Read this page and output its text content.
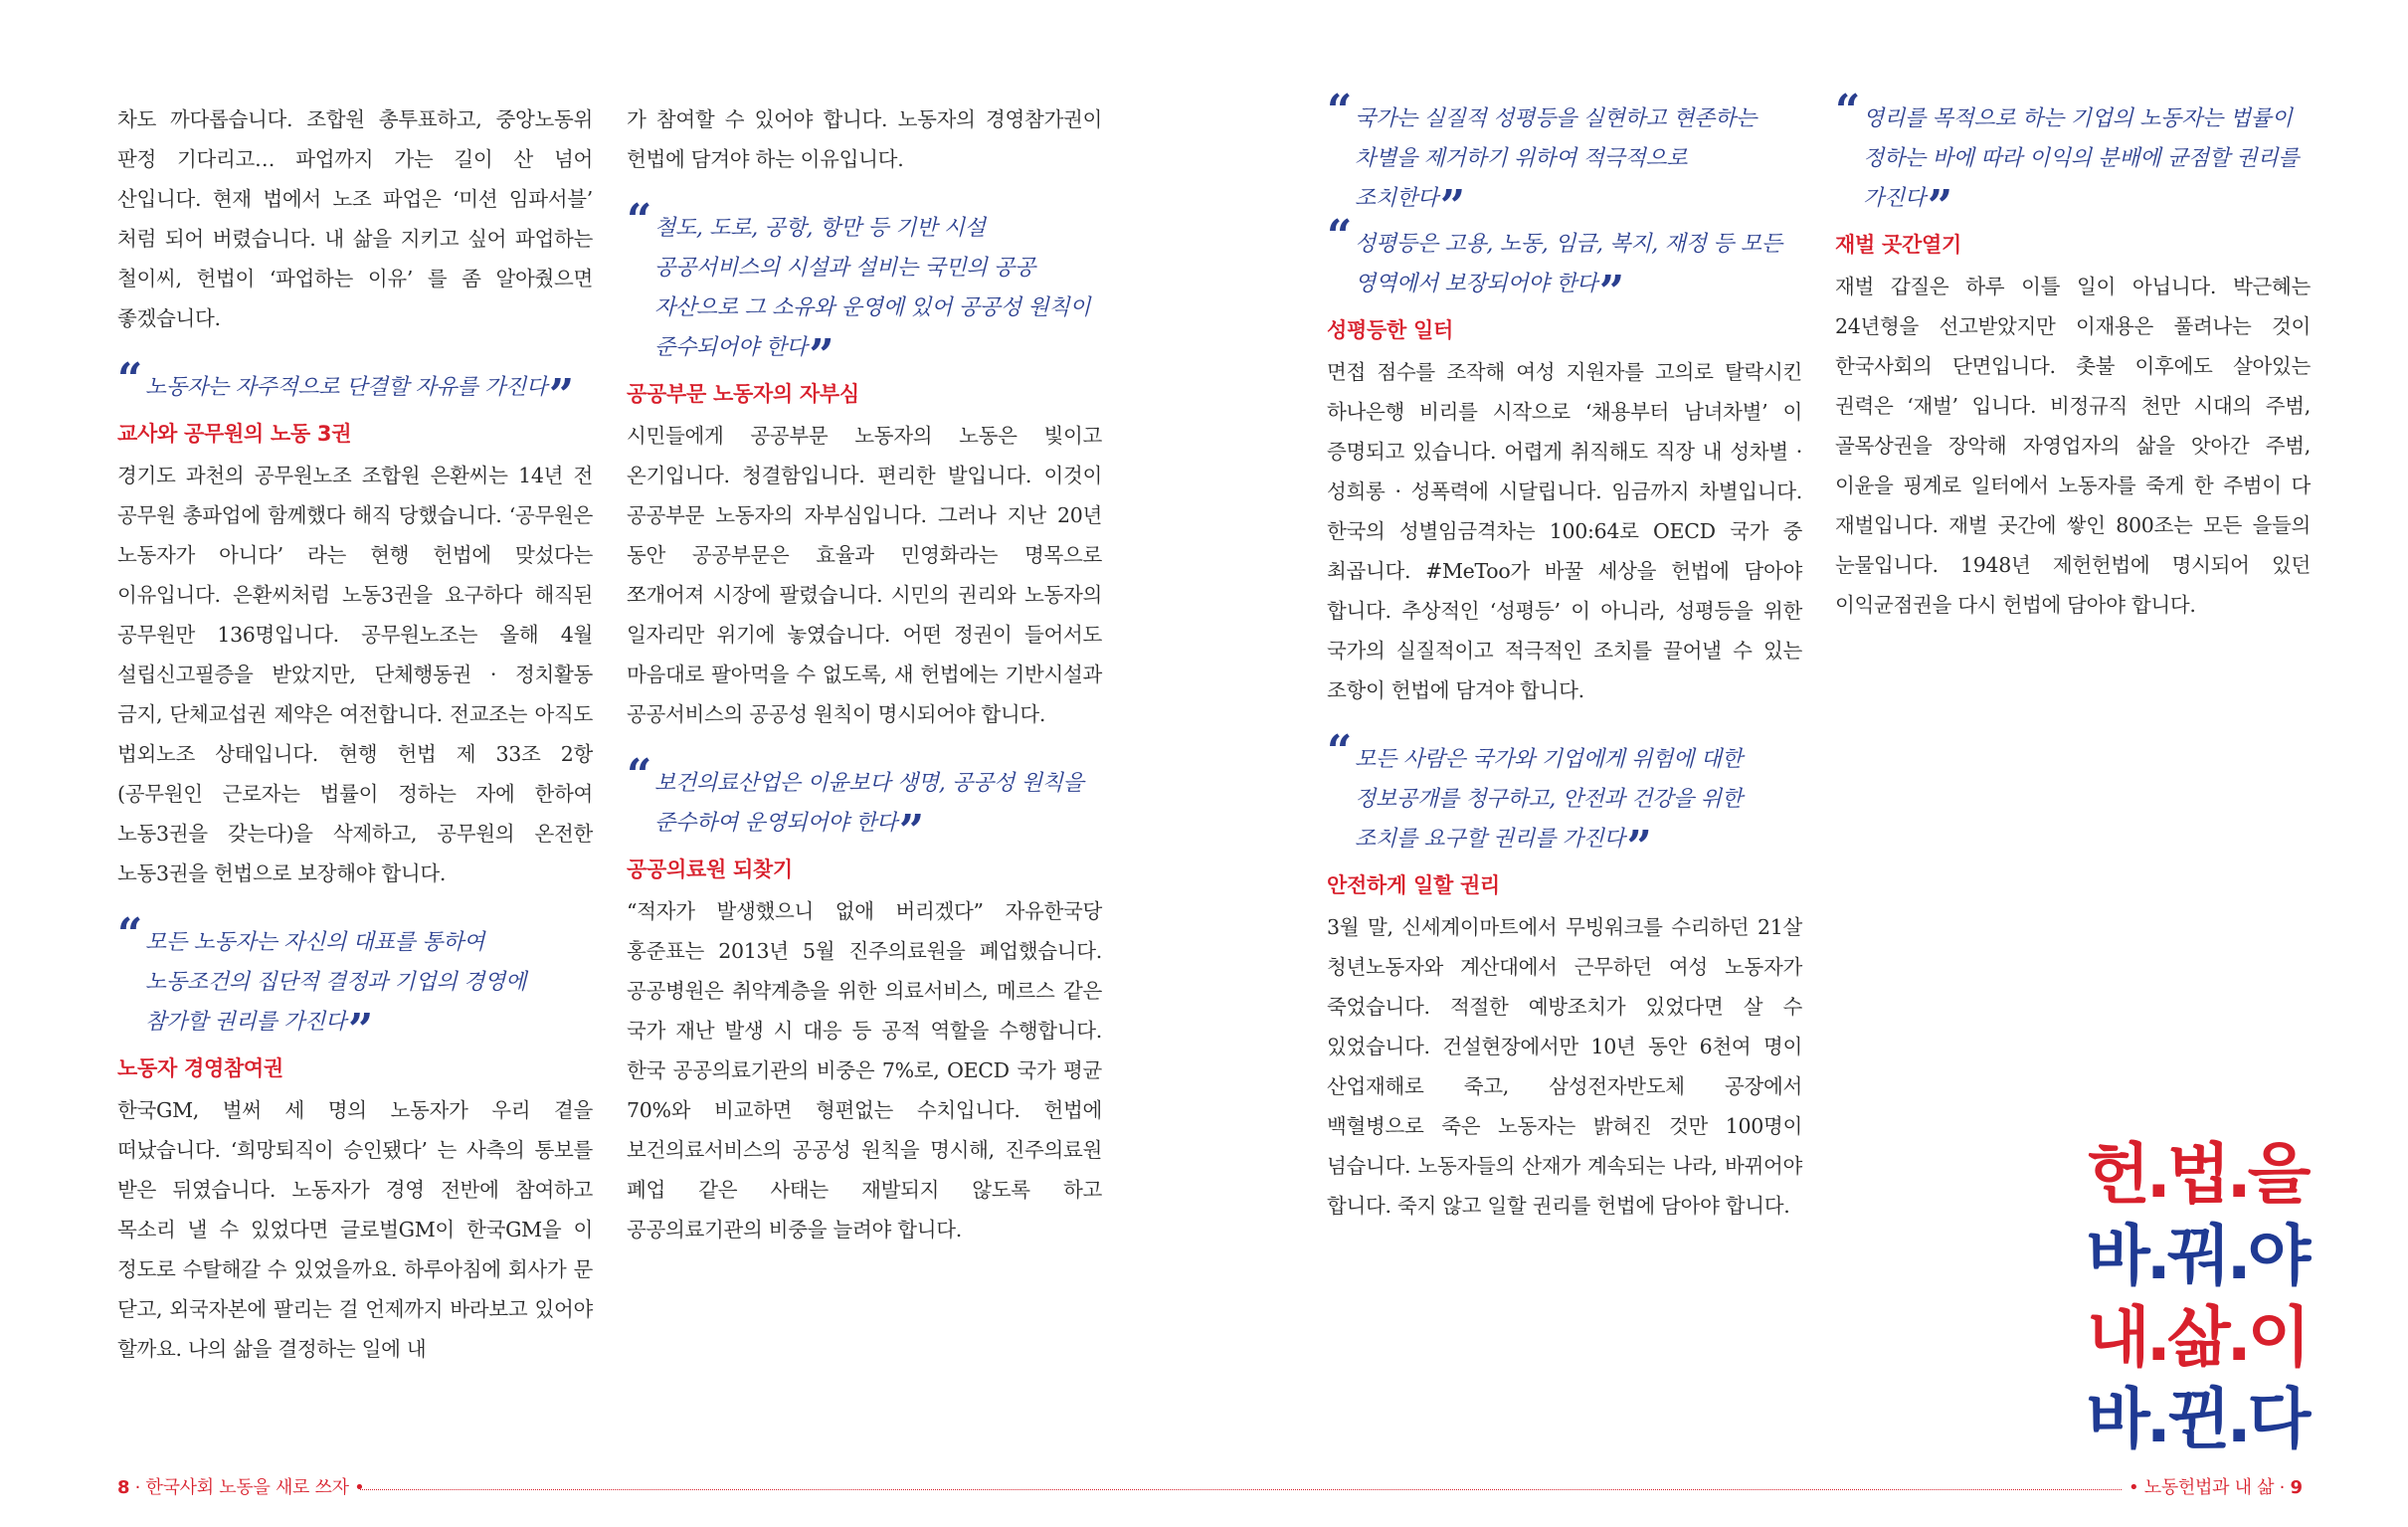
차도 까다롭습니다. 조합원 총투표하고, 중앙노동위 판정 기다리고… 파업까지 가는 길이 산 넘어 산입니다. 현재 법에서 노조 파업은 ‘미션 임파서블’ 처럼 되어 버렸습니다. 내 삶을 지키고 싶어 파업하는 철이씨, 헌법이 ‘파업하는 이유’ 를 좀 알아줬으면 좋겠습니다.

“ 노동자는 자주적으로 단결할 자유를 가진다”
교사와 공무원의 노동 3권

경기도 과천의 공무원노조 조합원 은환씨는 14년 전 공무원 총파업에 함께했다 해직 당했습니다. ‘공무원은 노동자가 아니다’ 라는 현행 헌법에 맞섰다는 이유입니다. 은환씨처럼 노동3권을 요구하다 해직된 공무원만 136명입니다. 공무원노조는 올해 4월 설립신고필증을 받았지만, 단체행동권 · 정치활동 금지, 단체교섭권 제약은 여전합니다. 전교조는 아직도 법외노조 상태입니다. 현행 헌법 제 33조 2항(공무원인 근로자는 법률이 정하는 자에 한하여 노동3권을 갖는다)을 삭제하고, 공무원의 온전한 노동3권을 헌법으로 보장해야 합니다.

“ 모든 노동자는 자신의 대표를 통하여 노동조건의 집단적 결정과 기업의 경영에 참가할 권리를 가진다”
노동자 경영참여권

한국GM, 벌써 세 명의 노동자가 우리 곁을 떠났습니다. ‘희망퇴직이 승인됐다’ 는 사측의 통보를 받은 뒤였습니다. 노동자가 경영 전반에 참여하고 목소리 낼 수 있었다면 글로벌GM이 한국GM을 이 정도로 수탈해갈 수 있었을까요. 하루아침에 회사가 문 닫고, 외국자본에 팔리는 걸 언제까지 바라보고 있어야 할까요. 나의 삶을 결정하는 일에 내

가 참여할 수 있어야 합니다. 노동자의 경영참가권이 헌법에 담겨야 하는 이유입니다.

“ 철도, 도로, 공항, 항만 등 기반 시설 공공서비스의 시설과 설비는 국민의 공공 자산으로 그 소유와 운영에 있어 공공성 원칙이 준수되어야 한다”
공공부문 노동자의 자부심

시민들에게 공공부문 노동자의 노동은 빛이고 온기입니다. 청결함입니다. 편리한 발입니다. 이것이 공공부문 노동자의 자부심입니다. 그러나 지난 20년 동안 공공부문은 효율과 민영화라는 명목으로 쪼개어져 시장에 팔렸습니다. 시민의 권리와 노동자의 일자리만 위기에 놓였습니다. 어떤 정권이 들어서도 마음대로 팔아먹을 수 없도록, 새 헌법에는 기반시설과 공공서비스의 공공성 원칙이 명시되어야 합니다.

“ 보건의료산업은 이윤보다 생명, 공공성 원칙을 준수하여 운영되어야 한다”
공공의료원 되찾기

“적자가 발생했으니 없애 버리겠다” 자유한국당 홍준표는 2013년 5월 진주의료원을 폐업했습니다. 공공병원은 취약계층을 위한 의료서비스, 메르스 같은 국가 재난 발생 시 대응 등 공적 역할을 수행합니다. 한국 공공의료기관의 비중은 7%로, OECD 국가 평균 70%와 비교하면 형편없는 수치입니다. 헌법에 보건의료서비스의 공공성 원칙을 명시해, 진주의료원 폐업 같은 사태는 재발되지 않도록 하고 공공의료기관의 비중을 늘려야 합니다.

“ 국가는 실질적 성평등을 실현하고 현존하는 차별을 제거하기 위하여 적극적으로 조치한다”
“ 성평등은 고용, 노동, 임금, 복지, 재정 등 모든 영역에서 보장되어야 한다”
성평등한 일터

면접 점수를 조작해 여성 지원자를 고의로 탈락시킨 하나은행 비리를 시작으로 ‘채용부터 남녀차별’ 이 증명되고 있습니다. 어렵게 취직해도 직장 내 성차별 · 성희롱 · 성폭력에 시달립니다. 임금까지 차별입니다. 한국의 성별임금격차는 100:64로 OECD 국가 중 최곱니다. #MeToo가 바꿀 세상을 헌법에 담아야 합니다. 추상적인 ‘성평등’ 이 아니라, 성평등을 위한 국가의 실질적이고 적극적인 조치를 끌어낼 수 있는 조항이 헌법에 담겨야 합니다.

“ 모든 사람은 국가와 기업에게 위험에 대한 정보공개를 청구하고, 안전과 건강을 위한 조치를 요구할 권리를 가진다”
안전하게 일할 권리

3월 말, 신세계이마트에서 무빙워크를 수리하던 21살 청년노동자와 계산대에서 근무하던 여성 노동자가 죽었습니다. 적절한 예방조치가 있었다면 살 수 있었습니다. 건설현장에서만 10년 동안 6천여 명이 산업재해로 죽고, 삼성전자반도체 공장에서 백혈병으로 죽은 노동자는 밝혀진 것만 100명이 넘습니다. 노동자들의 산재가 계속되는 나라, 바뀌어야 합니다. 죽지 않고 일할 권리를 헌법에 담아야 합니다.

“ 영리를 목적으로 하는 기업의 노동자는 법률이 정하는 바에 따라 이익의 분배에 균점할 권리를 가진다”
재벌 곳간열기

재벌 갑질은 하루 이틀 일이 아닙니다. 박근혜는 24년형을 선고받았지만 이재용은 풀려나는 것이 한국사회의 단면입니다. 촛불 이후에도 살아있는 권력은 ‘재벌’ 입니다. 비정규직 천만 시대의 주범, 골목상권을 장악해 자영업자의 삶을 앗아간 주범, 이윤을 핑계로 일터에서 노동자를 죽게 한 주범이 다 재벌입니다. 재벌 곳간에 쌓인 800조는 모든 을들의 눈물입니다. 1948년 제헌헌법에 명시되어 있던 이익균점권을 다시 헌법에 담아야 합니다.

헌.법.을
바.꿔.야
내.삶.이
바.뀐.다
8 · 한국사회 노동을 새로 쓰자 •	• 노동헌법과 내 삶 · 9
